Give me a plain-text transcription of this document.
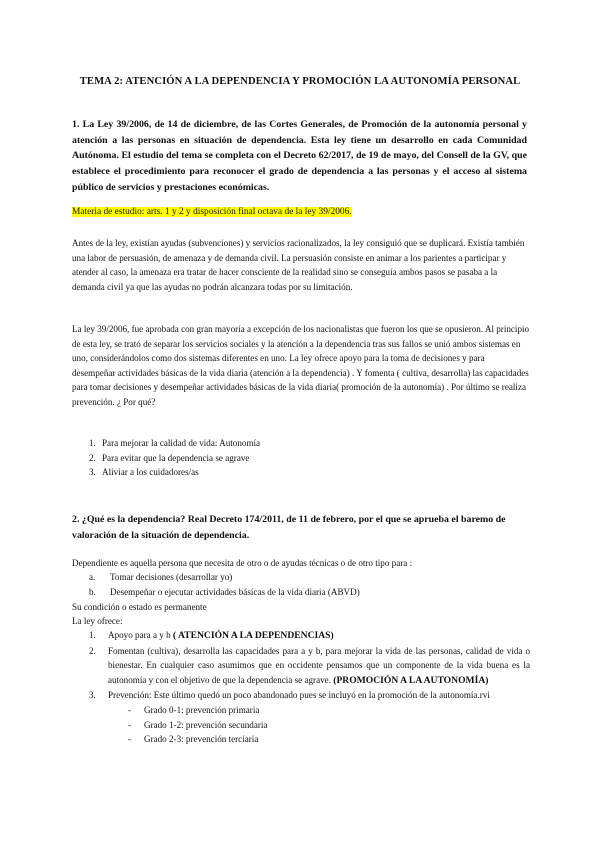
TEMA 2: ATENCIÓN A LA DEPENDENCIA Y PROMOCIÓN LA AUTONOMÍA PERSONAL
1. La Ley 39/2006, de 14 de diciembre, de las Cortes Generales, de Promoción de la autonomía personal y atención a las personas en situación de dependencia. Esta ley tiene un desarrollo en cada Comunidad Autónoma. El estudio del tema se completa con el Decreto 62/2017, de 19 de mayo, del Consell de la GV, que establece el procedimiento para reconocer el grado de dependencia a las personas y el acceso al sistema público de servicios y prestaciones económicas.
Materia de estudio: arts. 1 y 2 y disposición final octava de la ley 39/2006.
Antes de la ley, existían ayudas (subvenciones) y servicios racionalizados, la ley consiguió que se duplicará. Existía también una labor de persuasión, de amenaza y de demanda civil. La persuasión consiste en animar a los parientes a participar y atender al caso, la amenaza era tratar de hacer consciente de la realidad sino se conseguía ambos pasos se pasaba a la demanda civil ya que las ayudas no podrán alcanzara todas por su limitación.
La ley 39/2006, fue aprobada con gran mayoría a excepción de los nacionalistas que fueron los que se opusieron. Al principio de esta ley, se trató de separar los servicios sociales y la atención a la dependencia tras sus fallos se unió ambos sistemas en uno, considerándolos como dos sistemas diferentes en uno. La ley ofrece apoyo para la toma de decisiones y para desempeñar actividades básicas de la vida diaria (atención a la dependencia) . Y fomenta ( cultiva, desarrolla) las capacidades para tomar decisiones y desempeñar actividades básicas de la vida diaria( promoción de la autonomía) . Por último se realiza prevención. ¿ Por qué?
1. Para mejorar la calidad de vida: Autonomía
2. Para evitar que la dependencia se agrave
3. Aliviar a los cuidadores/as
2. ¿Qué es la dependencia? Real Decreto 174/2011, de 11 de febrero, por el que se aprueba el baremo de valoración de la situación de dependencia.
Dependiente es aquella persona que necesita de otro o de ayudas técnicas o de otro tipo para :
a. Tomar decisiones (desarrollar yo)
b. Desempeñar o ejecutar actividades básicas de la vida diaria (ABVD)
Su condición o estado es permanente
La ley ofrece:
1. Apoyo para a y b ( ATENCIÓN A LA DEPENDENCIAS)
2. Fomentan (cultiva), desarrolla las capacidades para a y b, para mejorar la vida de las personas, calidad de vida o bienestar. En cualquier caso asumimos que en occidente pensamos que un componente de la vida buena es la autonomía y con el objetivo de que la dependencia se agrave. (PROMOCIÓN A LA AUTONOMÍA)
3. Prevención: Este último quedó un poco abandonado pues se incluyó en la promoción de la autonomía.rvi
- Grado 0-1: prevención primaria
- Grado 1-2: prevención secundaria
- Grado 2-3: prevención terciaria
